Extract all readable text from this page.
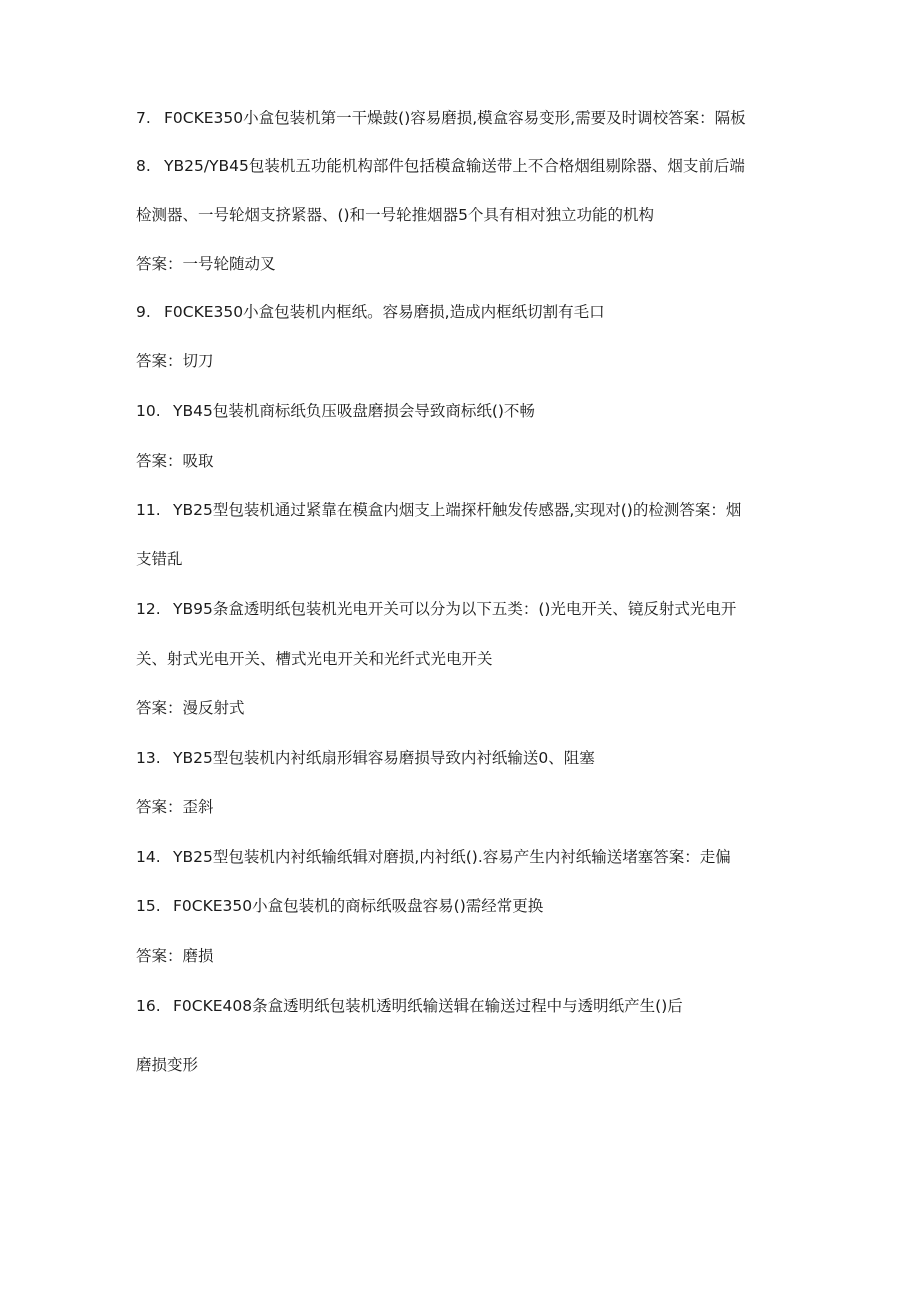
7. F0CKE350小盒包装机第一干燥鼓()容易磨损,模盒容易变形,需要及时调校答案：隔板
8. YB25/YB45包装机五功能机构部件包括模盒输送带上不合格烟组剔除器、烟支前后端
检测器、一号轮烟支挤紧器、()和一号轮推烟器5个具有相对独立功能的机构
答案：一号轮随动叉
9. F0CKE350小盒包装机内框纸。容易磨损,造成内框纸切割有毛口
答案：切刀
10. YB45包装机商标纸负压吸盘磨损会导致商标纸()不畅
答案：吸取
11. YB25型包装机通过紧靠在模盒内烟支上端探杆触发传感器,实现对()的检测答案：烟
支错乱
12. YB95条盒透明纸包装机光电开关可以分为以下五类：()光电开关、镜反射式光电开
关、射式光电开关、槽式光电开关和光纤式光电开关
答案：漫反射式
13. YB25型包装机内衬纸扇形辑容易磨损导致内衬纸输送0、阻塞
答案：歪斜
14. YB25型包装机内衬纸输纸辑对磨损,内衬纸().容易产生内衬纸输送堵塞答案：走偏
15. F0CKE350小盒包装机的商标纸吸盘容易()需经常更换
答案：磨损
16. F0CKE408条盒透明纸包装机透明纸输送辑在输送过程中与透明纸产生()后
磨损变形
